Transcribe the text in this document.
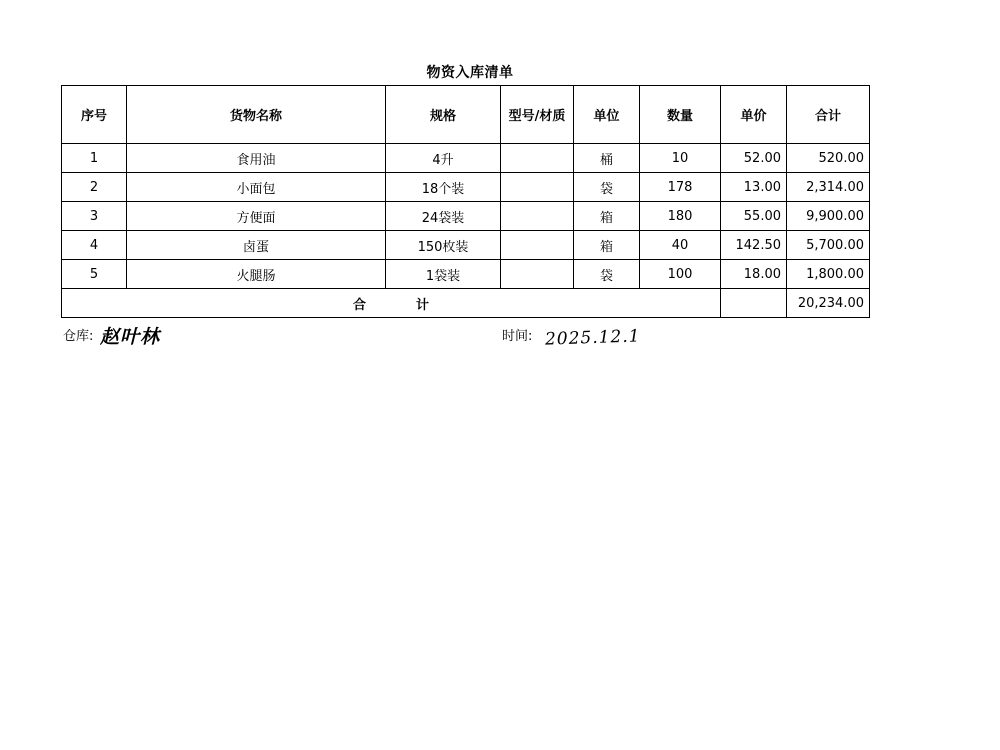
物资入库清单
序号	货物名称	规格	型号/材质	单位	数量	单价	合计
1	食用油	4升		桶	10	52.00	520.00
2	小面包	18个装		袋	178	13.00	2,314.00
3	方便面	24袋装		箱	180	55.00	9,900.00
4	卤蛋	150枚装		箱	40	142.50	5,700.00
5	火腿肠	1袋装		袋	100	18.00	1,800.00
合计							20,234.00
仓库: 赵叶林	时间: 2025.12.1
